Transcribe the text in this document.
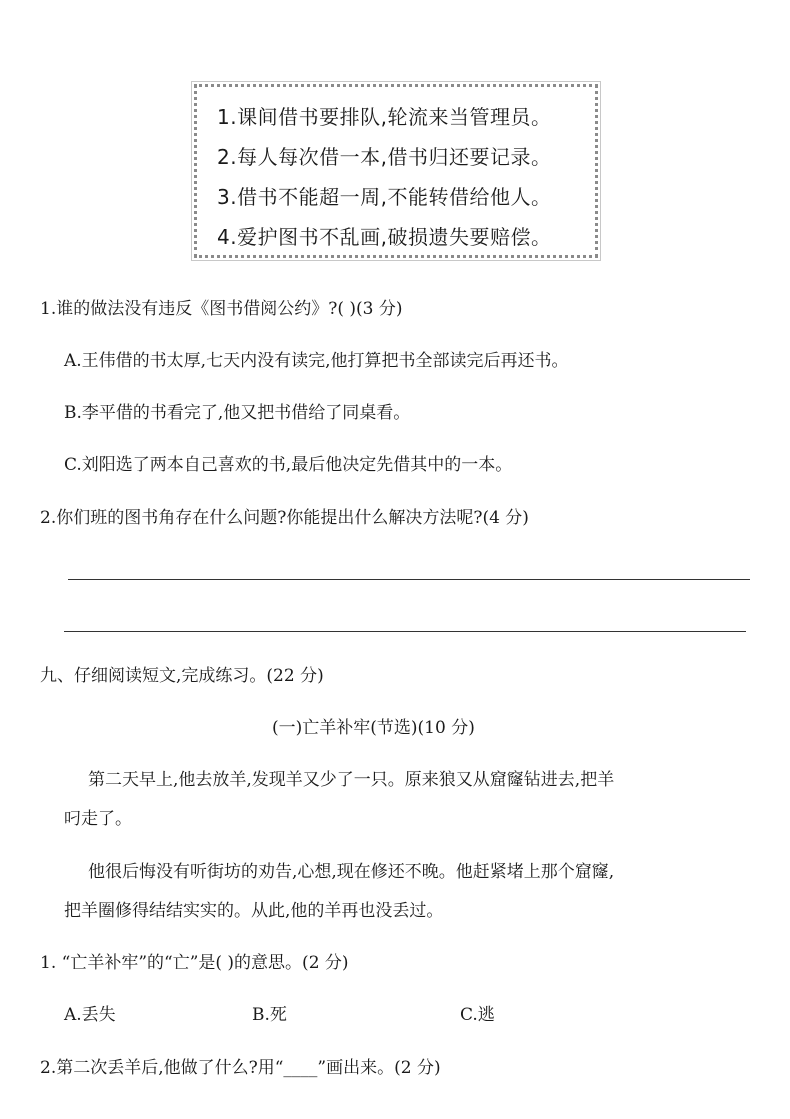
1.课间借书要排队,轮流来当管理员。
2.每人每次借一本,借书归还要记录。
3.借书不能超一周,不能转借给他人。
4.爱护图书不乱画,破损遗失要赔偿。
1.谁的做法没有违反《图书借阅公约》?( )(3 分)
A.王伟借的书太厚,七天内没有读完,他打算把书全部读完后再还书。
B.李平借的书看完了,他又把书借给了同桌看。
C.刘阳选了两本自己喜欢的书,最后他决定先借其中的一本。
2.你们班的图书角存在什么问题?你能提出什么解决方法呢?(4 分)
九、仔细阅读短文,完成练习。(22 分)
(一)亡羊补牢(节选)(10 分)
第二天早上,他去放羊,发现羊又少了一只。原来狼又从窟窿钻进去,把羊
叼走了。
他很后悔没有听街坊的劝告,心想,现在修还不晚。他赶紧堵上那个窟窿,
把羊圈修得结结实实的。从此,他的羊再也没丢过。
1. “亡羊补牢”的“亡”是( )的意思。(2 分)
A.丢失	B.死	C.逃
2.第二次丢羊后,他做了什么?用“____”画出来。(2 分)
